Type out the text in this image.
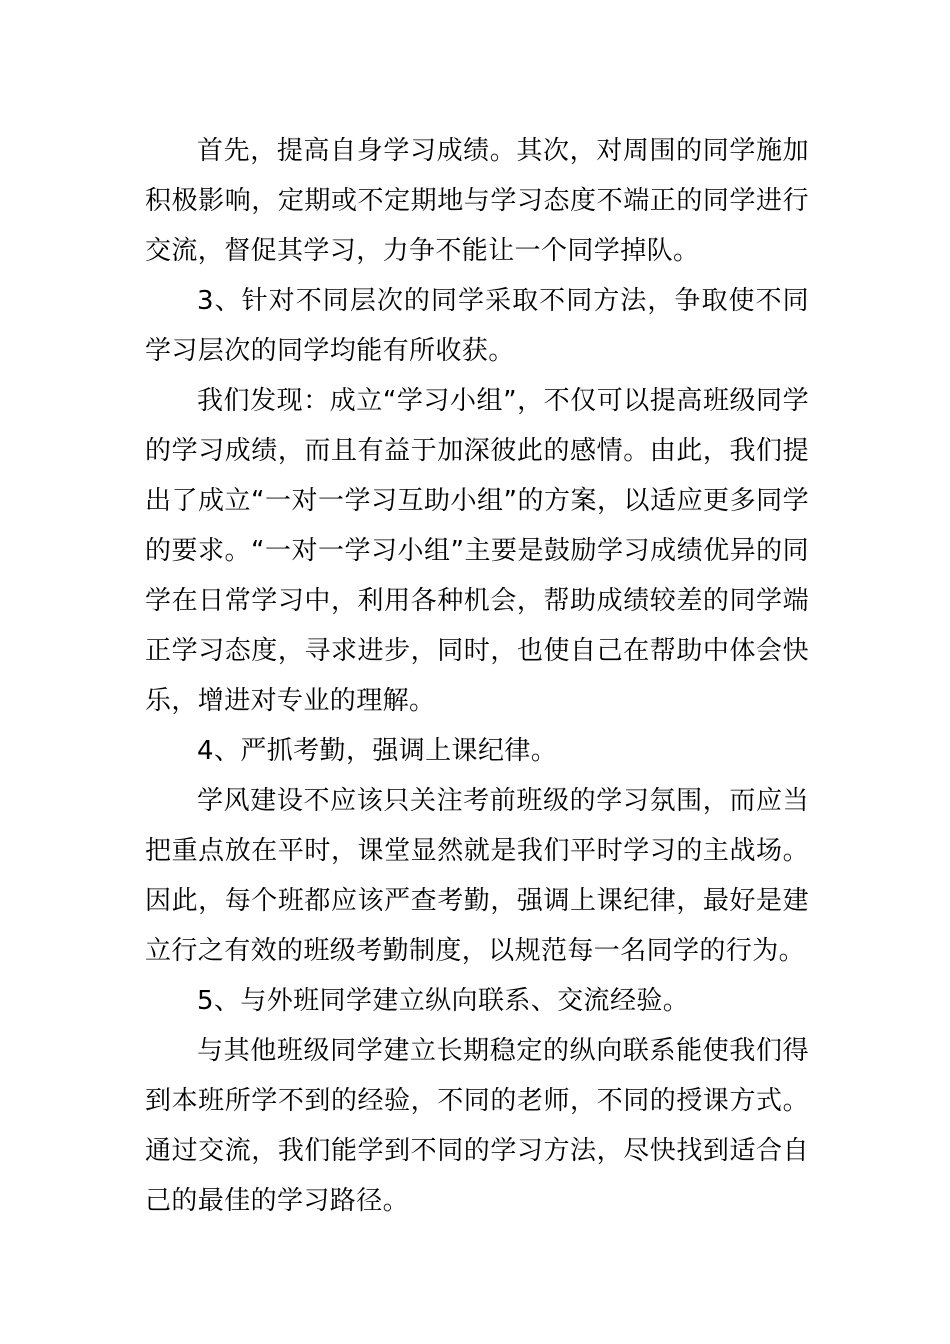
首先，提高自身学习成绩。其次，对周围的同学施加积极影响，定期或不定期地与学习态度不端正的同学进行交流，督促其学习，力争不能让一个同学掉队。

3、针对不同层次的同学采取不同方法，争取使不同学习层次的同学均能有所收获。

我们发现：成立“学习小组”，不仅可以提高班级同学的学习成绩，而且有益于加深彼此的感情。由此，我们提出了成立“一对一学习互助小组”的方案，以适应更多同学的要求。“一对一学习小组”主要是鼓励学习成绩优异的同学在日常学习中，利用各种机会，帮助成绩较差的同学端正学习态度，寻求进步，同时，也使自己在帮助中体会快乐，增进对专业的理解。

4、严抓考勤，强调上课纪律。

学风建设不应该只关注考前班级的学习氛围，而应当把重点放在平时，课堂显然就是我们平时学习的主战场。因此，每个班都应该严查考勤，强调上课纪律，最好是建立行之有效的班级考勤制度，以规范每一名同学的行为。

5、与外班同学建立纵向联系、交流经验。

与其他班级同学建立长期稳定的纵向联系能使我们得到本班所学不到的经验，不同的老师，不同的授课方式。通过交流，我们能学到不同的学习方法，尽快找到适合自己的最佳的学习路径。
